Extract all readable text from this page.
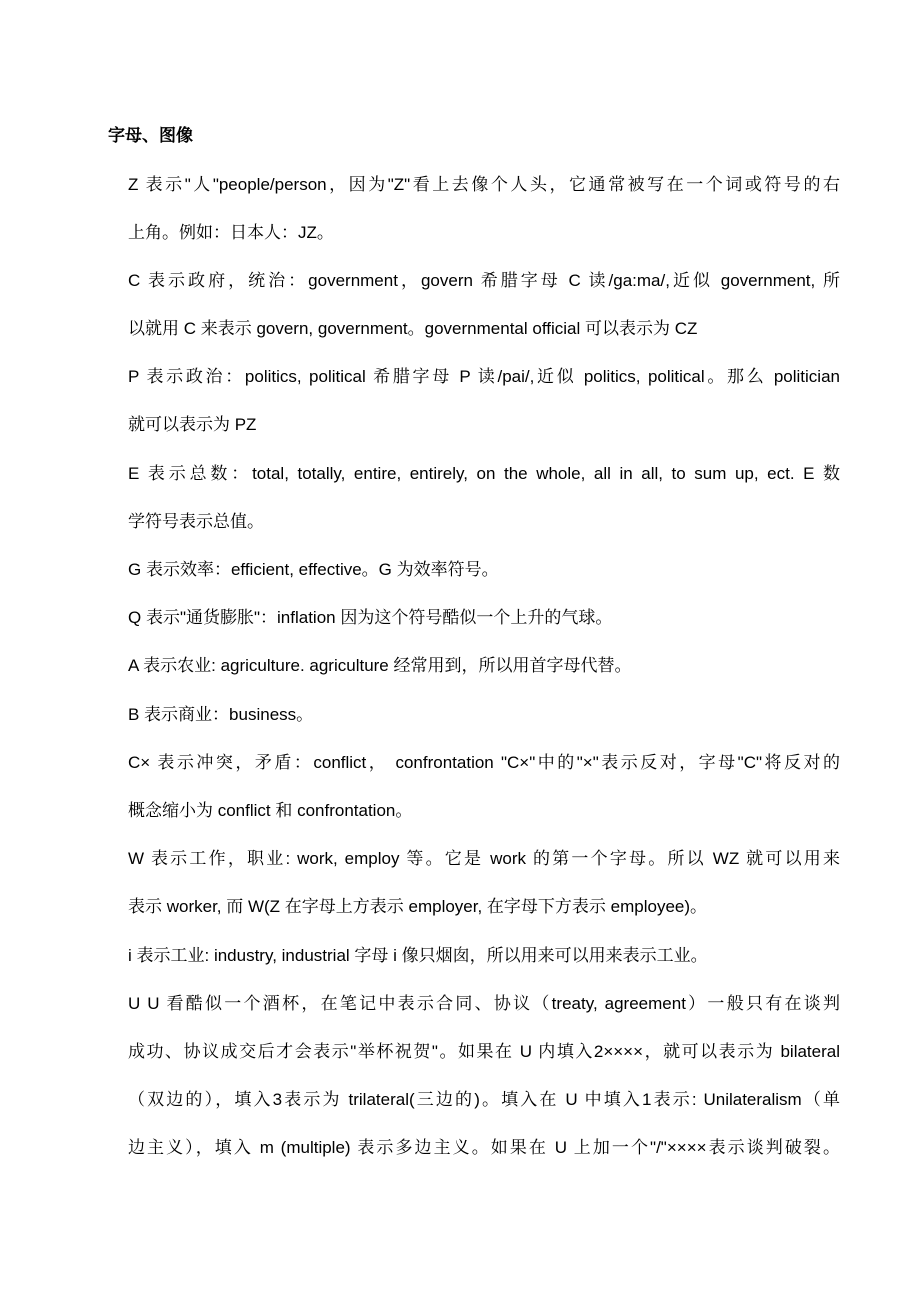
字母、图像
Z 表示"人"people/person，因为"Z"看上去像个人头，它通常被写在一个词或符号的右
上角。例如：日本人：JZ。
C 表示政府，统治：government，govern 希腊字母 C 读/ga:ma/,近似 government, 所
以就用 C 来表示 govern, government。governmental official 可以表示为 CZ
P 表示政治：politics, political 希腊字母 P 读/pai/,近似 politics, political。那么 politician
就可以表示为 PZ
E 表示总数：total, totally, entire, entirely, on the whole, all in all, to sum up, ect. E 数
学符号表示总值。
G 表示效率：efficient, effective。G 为效率符号。
Q 表示"通货膨胀"：inflation 因为这个符号酷似一个上升的气球。
A 表示农业: agriculture. agriculture 经常用到，所以用首字母代替。
B 表示商业：business。
C× 表示冲突，矛盾：conflict， confrontation "C×"中的"×"表示反对，字母"C"将反对的
概念缩小为 conflict 和 confrontation。
W 表示工作，职业: work, employ 等。它是 work 的第一个字母。所以 WZ 就可以用来
表示 worker, 而 W(Z 在字母上方表示 employer, 在字母下方表示 employee)。
i 表示工业: industry, industrial 字母 i 像只烟囱，所以用来可以用来表示工业。
U U 看酷似一个酒杯，在笔记中表示合同、协议（treaty, agreement）一般只有在谈判
成功、协议成交后才会表示"举杯祝贺"。如果在 U 内填入2××××，就可以表示为 bilateral
（双边的），填入3表示为 trilateral(三边的)。填入在 U 中填入1表示: Unilateralism（单
边主义），填入 m (multiple) 表示多边主义。如果在 U 上加一个"/"××××表示谈判破裂。
